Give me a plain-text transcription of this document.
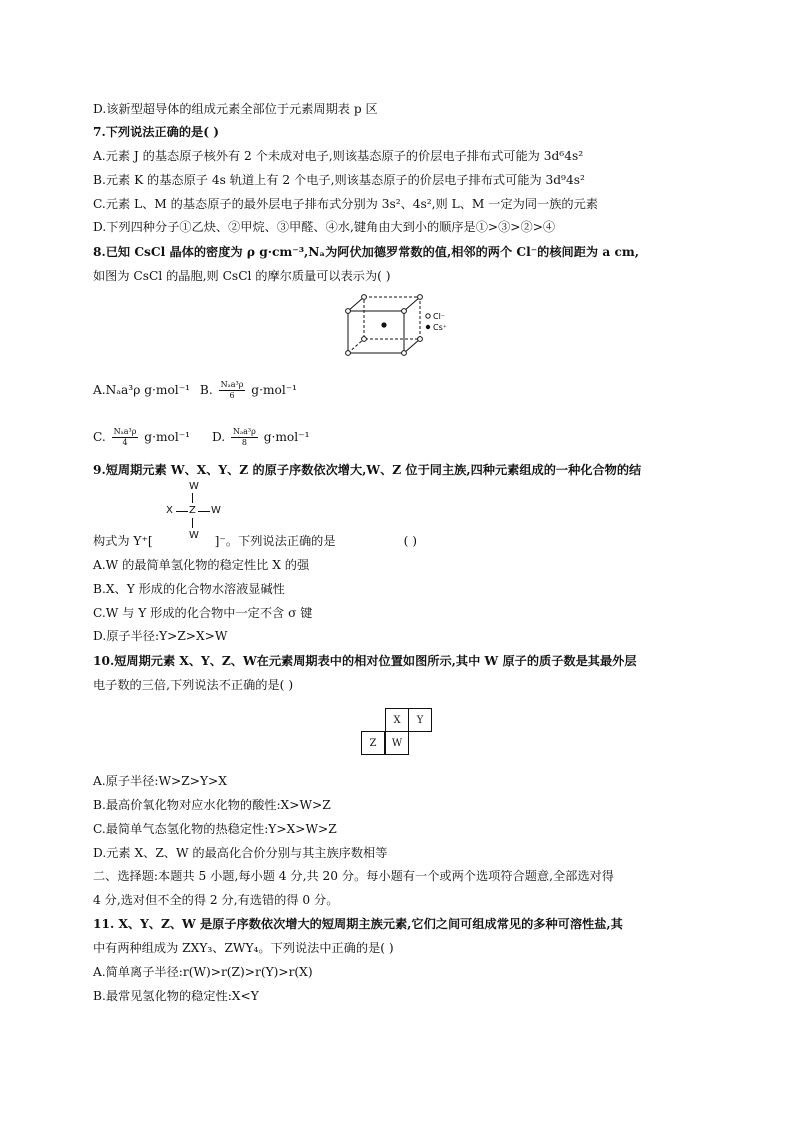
D.该新型超导体的组成元素全部位于元素周期表 p 区
7.下列说法正确的是( )
A.元素 J 的基态原子核外有 2 个未成对电子,则该基态原子的价层电子排布式可能为 3d⁶4s²
B.元素 K 的基态原子 4s 轨道上有 2 个电子,则该基态原子的价层电子排布式可能为 3d⁹4s²
C.元素 L、M 的基态原子的最外层电子排布式分别为 3s²、4s²,则 L、M 一定为同一族的元素
D.下列四种分子①乙炔、②甲烷、③甲醛、④水,键角由大到小的顺序是①>③>②>④
8.已知 CsCl 晶体的密度为 ρ g·cm⁻³,Nₐ为阿伏加德罗常数的值,相邻的两个 Cl⁻的核间距为 a cm,
如图为 CsCl 的晶胞,则 CsCl 的摩尔质量可以表示为( )
Cl⁻
Cs⁺
A.Nₐa³ρ g·mol⁻¹ B. $\frac{\text{Nₐa³ρ}}{6} g\cdot mol^{-1}$
C. $\frac{\text{Nₐa³ρ}}{4} g\cdot mol^{-1}$ D. $\frac{\text{Nₐa³ρ}}{8} g\cdot mol^{-1}$
9.短周期元素 W、X、Y、Z 的原子序数依次增大,W、Z 位于同主族,四种元素组成的一种化合物的结
W
X Z W
W
构式为 Y⁺[	]⁻。下列说法正确的是	( )
A.W 的最简单氢化物的稳定性比 X 的强
B.X、Y 形成的化合物水溶液显碱性
C.W 与 Y 形成的化合物中一定不含 σ 键
D.原子半径:Y>Z>X>W
10.短周期元素 X、Y、Z、W在元素周期表中的相对位置如图所示,其中 W 原子的质子数是其最外层
电子数的三倍,下列说法不正确的是( )
X	Y
Z	W
A.原子半径:W>Z>Y>X
B.最高价氧化物对应水化物的酸性:X>W>Z
C.最简单气态氢化物的热稳定性:Y>X>W>Z
D.元素 X、Z、W 的最高化合价分别与其主族序数相等
二、选择题:本题共 5 小题,每小题 4 分,共 20 分。每小题有一个或两个选项符合题意,全部选对得
4 分,选对但不全的得 2 分,有选错的得 0 分。
11. X、Y、Z、W 是原子序数依次增大的短周期主族元素,它们之间可组成常见的多种可溶性盐,其
中有两种组成为 ZXY₃、ZWY₄。下列说法中正确的是( )
A.简单离子半径:r(W)>r(Z)>r(Y)>r(X)
B.最常见氢化物的稳定性:X<Y
